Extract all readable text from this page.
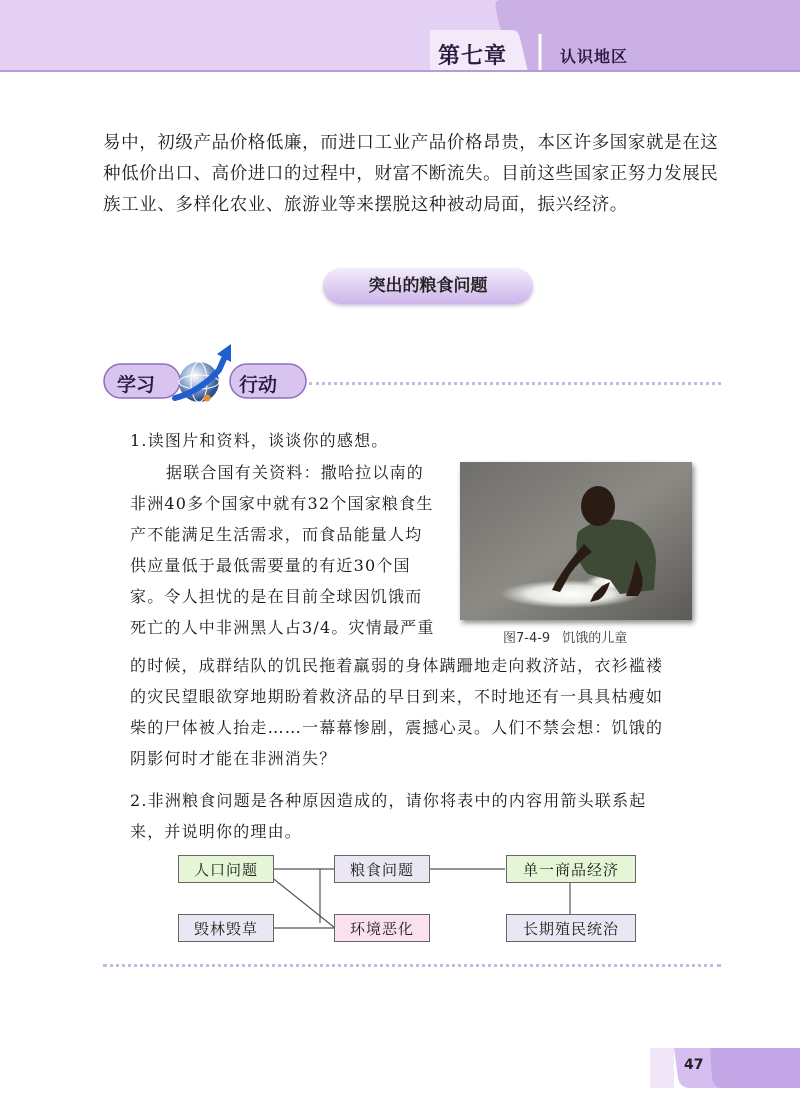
第七章	认识地区
易中，初级产品价格低廉，而进口工业产品价格昂贵，本区许多国家就是在这
种低价出口、高价进口的过程中，财富不断流失。目前这些国家正努力发展民
族工业、多样化农业、旅游业等来摆脱这种被动局面，振兴经济。
突出的粮食问题
学习	行动
1.读图片和资料，谈谈你的感想。
据联合国有关资料：撒哈拉以南的
非洲40多个国家中就有32个国家粮食生
产不能满足生活需求，而食品能量人均
供应量低于最低需要量的有近30个国
家。令人担忧的是在目前全球因饥饿而
死亡的人中非洲黑人占3/4。灾情最严重
图7-4-9 饥饿的儿童
的时候，成群结队的饥民拖着羸弱的身体蹒跚地走向救济站，衣衫褴褛
的灾民望眼欲穿地期盼着救济品的早日到来，不时地还有一具具枯瘦如
柴的尸体被人抬走……一幕幕惨剧，震撼心灵。人们不禁会想：饥饿的
阴影何时才能在非洲消失？
2.非洲粮食问题是各种原因造成的，请你将表中的内容用箭头联系起
来，并说明你的理由。
人口问题	粮食问题	单一商品经济
毁林毁草	环境恶化	长期殖民统治
47
